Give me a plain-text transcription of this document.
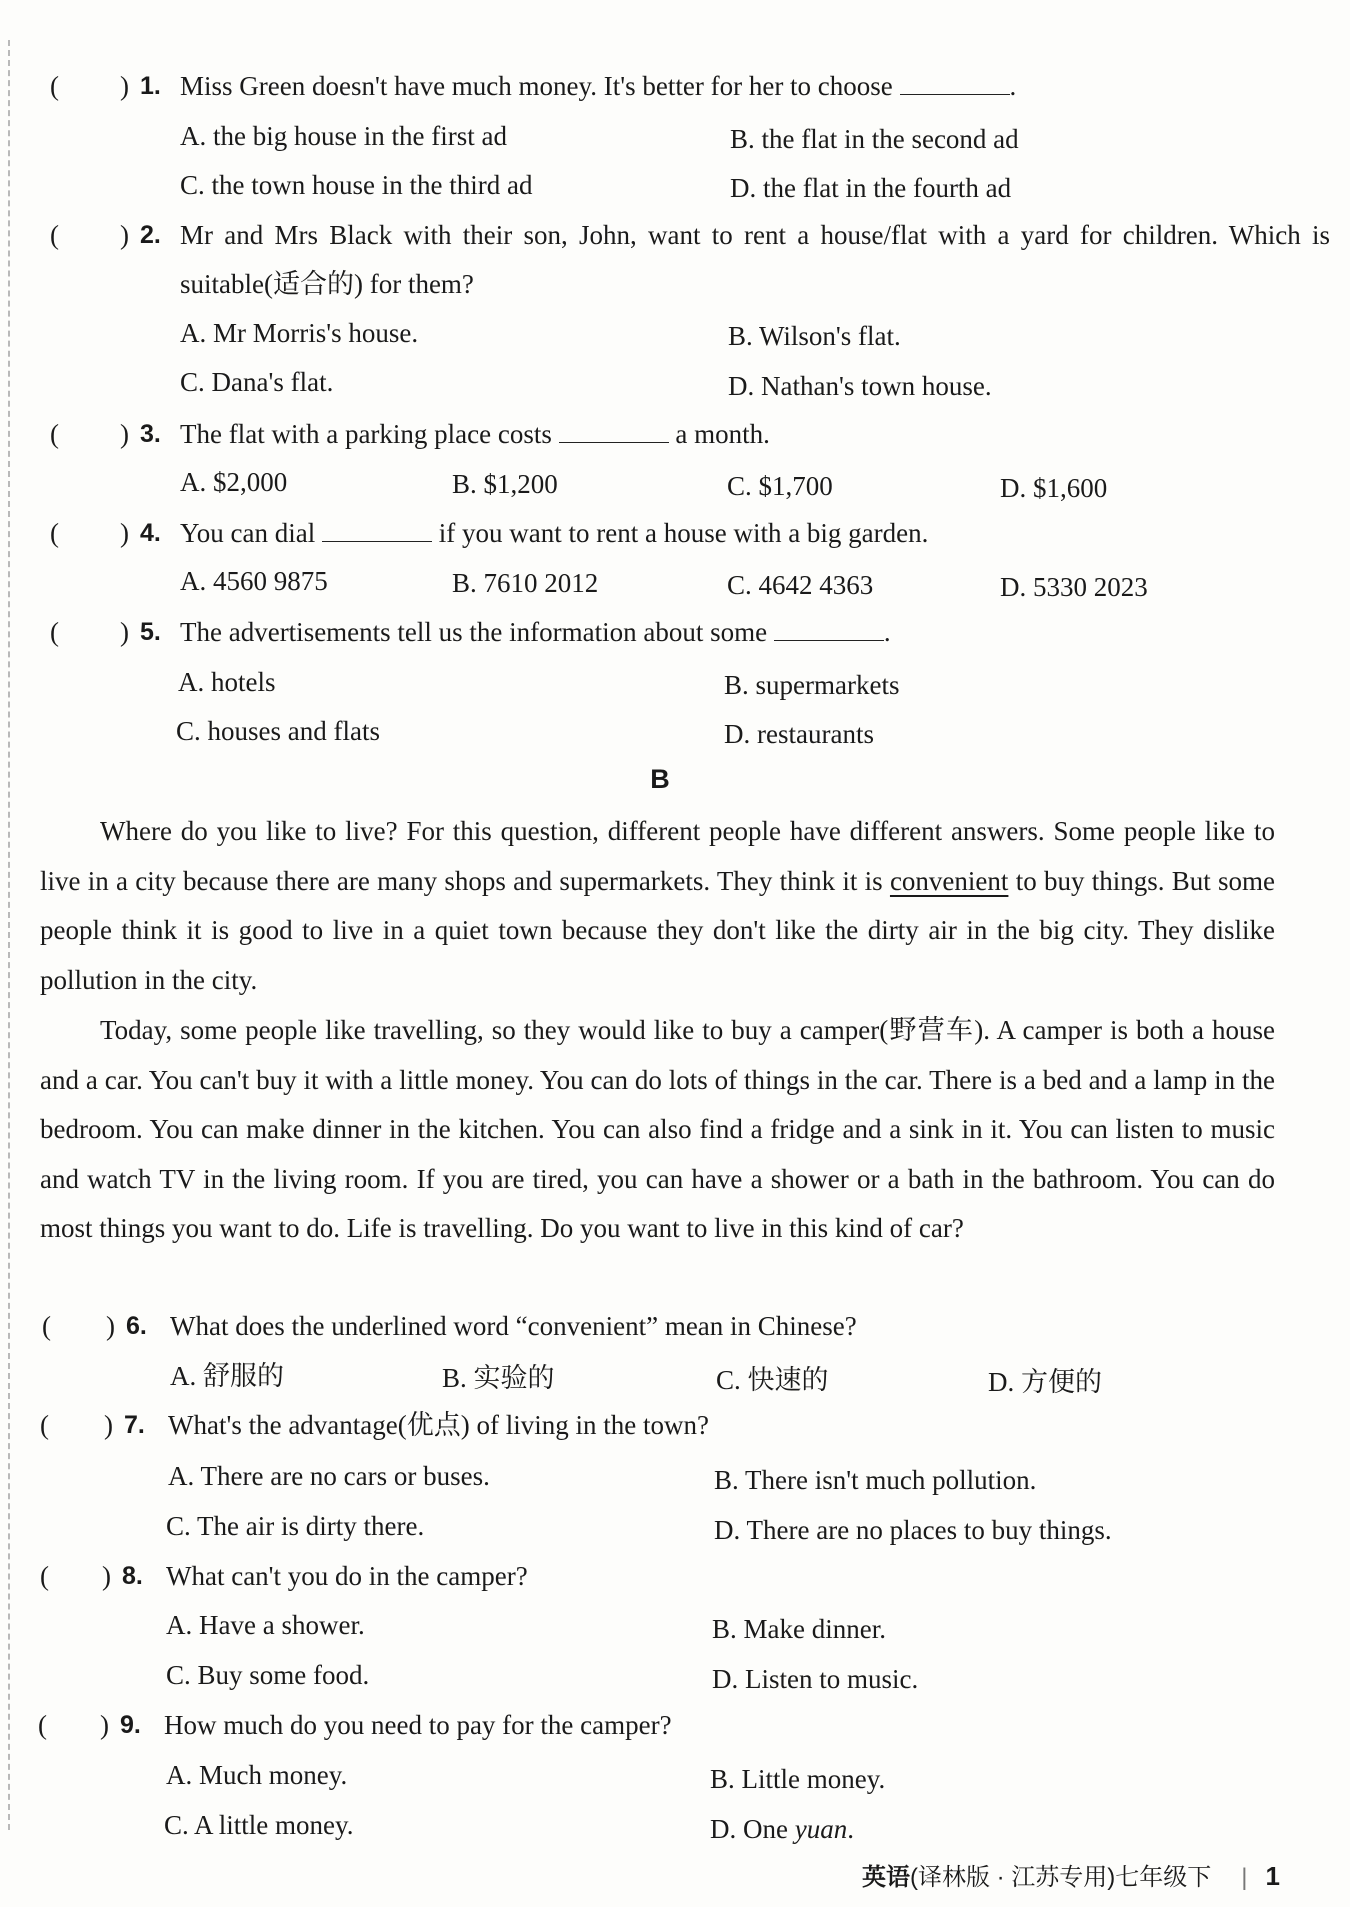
( ) 1. Miss Green doesn't have much money. It's better for her to choose	.
A. the big house in the first ad	B. the flat in the second ad
C. the town house in the third ad	D. the flat in the fourth ad
( ) 2. Mr and Mrs Black with their son, John, want to rent a house/flat with a yard for children. Which is suitable(适合的) for them?
A. Mr Morris's house.	B. Wilson's flat.
C. Dana's flat.	D. Nathan's town house.
( ) 3. The flat with a parking place costs	a month.
A. $2,000	B. $1,200	C. $1,700	D. $1,600
( ) 4. You can dial	if you want to rent a house with a big garden.
A. 4560 9875	B. 7610 2012	C. 4642 4363	D. 5330 2023
( ) 5. The advertisements tell us the information about some	.
A. hotels	B. supermarkets
C. houses and flats	D. restaurants
B
Where do you like to live? For this question, different people have different answers. Some people like to live in a city because there are many shops and supermarkets. They think it is convenient to buy things. But some people think it is good to live in a quiet town because they don't like the dirty air in the big city. They dislike pollution in the city.
Today, some people like travelling, so they would like to buy a camper(野营车). A camper is both a house and a car. You can't buy it with a little money. You can do lots of things in the car. There is a bed and a lamp in the bedroom. You can make dinner in the kitchen. You can also find a fridge and a sink in it. You can listen to music and watch TV in the living room. If you are tired, you can have a shower or a bath in the bathroom. You can do most things you want to do. Life is travelling. Do you want to live in this kind of car?
( ) 6. What does the underlined word “convenient” mean in Chinese?
A. 舒服的	B. 实验的	C. 快速的	D. 方便的
( ) 7. What's the advantage(优点) of living in the town?
A. There are no cars or buses.	B. There isn't much pollution.
C. The air is dirty there.	D. There are no places to buy things.
( ) 8. What can't you do in the camper?
A. Have a shower.	B. Make dinner.
C. Buy some food.	D. Listen to music.
( ) 9. How much do you need to pay for the camper?
A. Much money.	B. Little money.
C. A little money.	D. One yuan.
英语(译林版 · 江苏专用)七年级下 | 1
